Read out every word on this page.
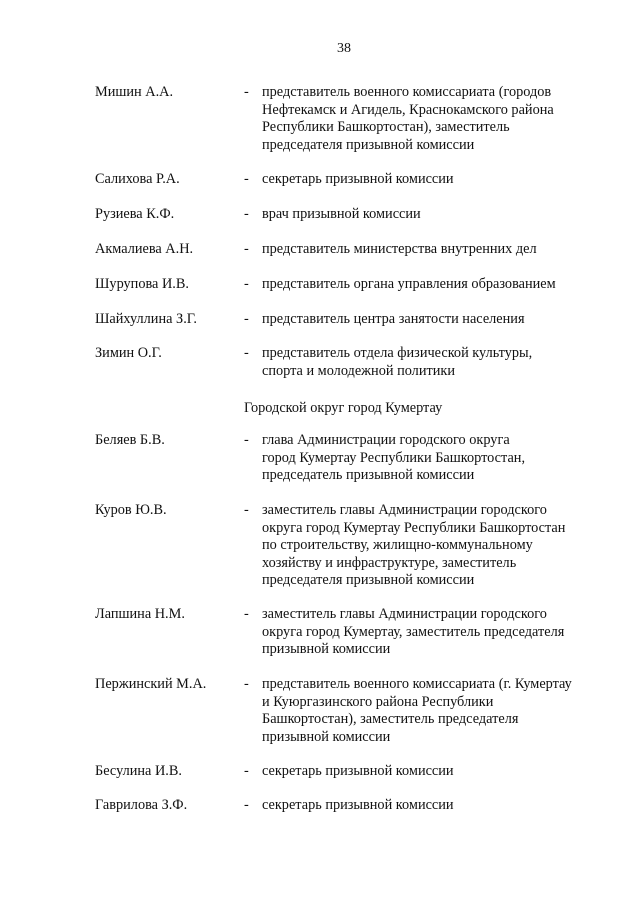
38
Мишин А.А.	- представитель военного комиссариата (городов
Нефтекамск и Агидель, Краснокамского района
Республики Башкортостан), заместитель
председателя призывной комиссии
Салихова Р.А.	- секретарь призывной комиссии
Рузиева К.Ф.	- врач призывной комиссии
Акмалиева А.Н.	- представитель министерства внутренних дел
Шурупова И.В.	- представитель органа управления образованием
Шайхуллина З.Г.	- представитель центра занятости населения
Зимин О.Г.	- представитель отдела физической культуры,
спорта и молодежной политики
Городской округ город Кумертау
Беляев Б.В.	- глава Администрации городского округа
город Кумертау Республики Башкортостан,
председатель призывной комиссии
Куров Ю.В.	- заместитель главы Администрации городского
округа город Кумертау Республики Башкортостан
по строительству, жилищно-коммунальному
хозяйству и инфраструктуре, заместитель
председателя призывной комиссии
Лапшина Н.М.	- заместитель главы Администрации городского
округа город Кумертау, заместитель председателя
призывной комиссии
Пержинский М.А.	- представитель военного комиссариата (г. Кумертау
и Куюргазинского района Республики
Башкортостан), заместитель председателя
призывной комиссии
Бесулина И.В.	- секретарь призывной комиссии
Гаврилова З.Ф.	- секретарь призывной комиссии
